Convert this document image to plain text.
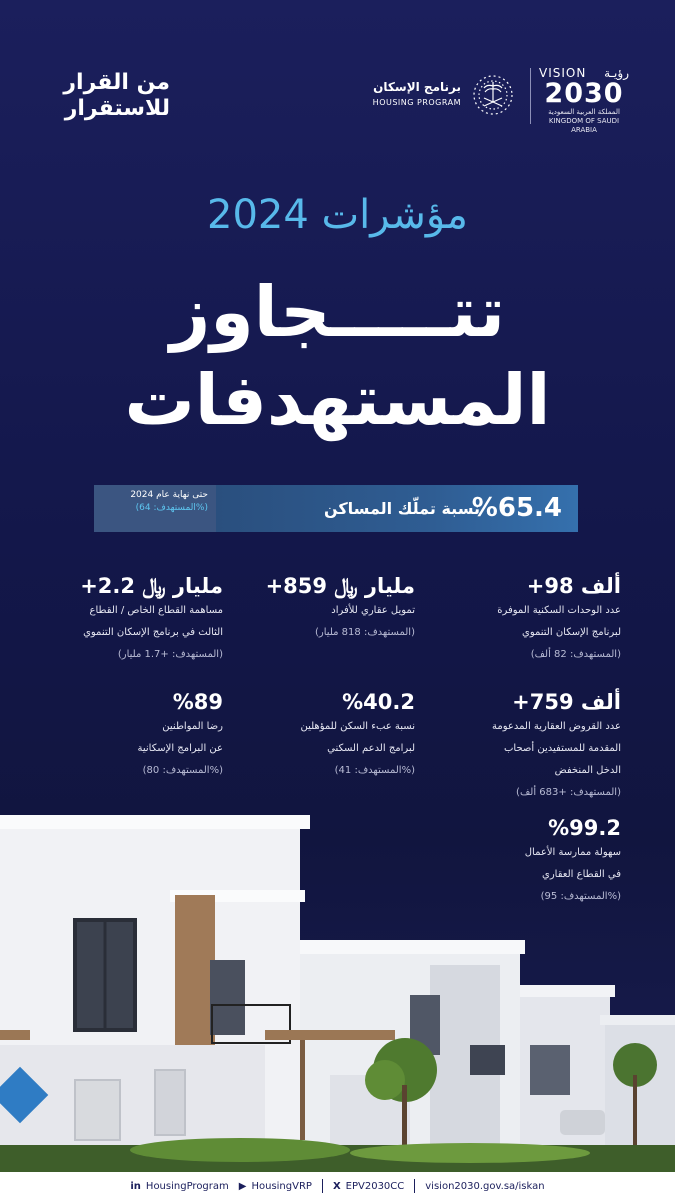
VISION رؤيـة
2030
المملكة العربية السعودية
KINGDOM OF SAUDI ARABIA
برنامج الإسكان
HOUSING PROGRAM
من القرار
للاستقرار
مؤشرات 2024
تتـــــجاوز
المستهدفات
حتى نهاية عام 2024
(المستهدف: 64%)	%65.4
نسبة تملّك المساكن
+98 ألف
عدد الوحدات السكنية الموفرة
لبرنامج الإسكان التنموي
(المستهدف: 82 ألف)
+859 مليار ﷼
تمويل عقاري للأفراد
(المستهدف: 818 مليار)
+2.2 مليار ﷼
مساهمة القطاع الخاص / القطاع
الثالث في برنامج الإسكان التنموي
(المستهدف: +1.7 مليار)
+759 ألف
عدد القروض العقارية المدعومة
المقدمة للمستفيدين أصحاب
الدخل المنخفض
(المستهدف: +683 ألف)
%40.2
نسبة عبء السكن للمؤهلين
لبرامج الدعم السكني
(المستهدف: 41%)
%89
رضا المواطنين
عن البرامج الإسكانية
(المستهدف: 80%)
%99.2
سهولة ممارسة الأعمال
في القطاع العقاري
(المستهدف: 95%)
in HousingProgram ▶ HousingVRP X EPV2030CC vision2030.gov.sa/iskan
